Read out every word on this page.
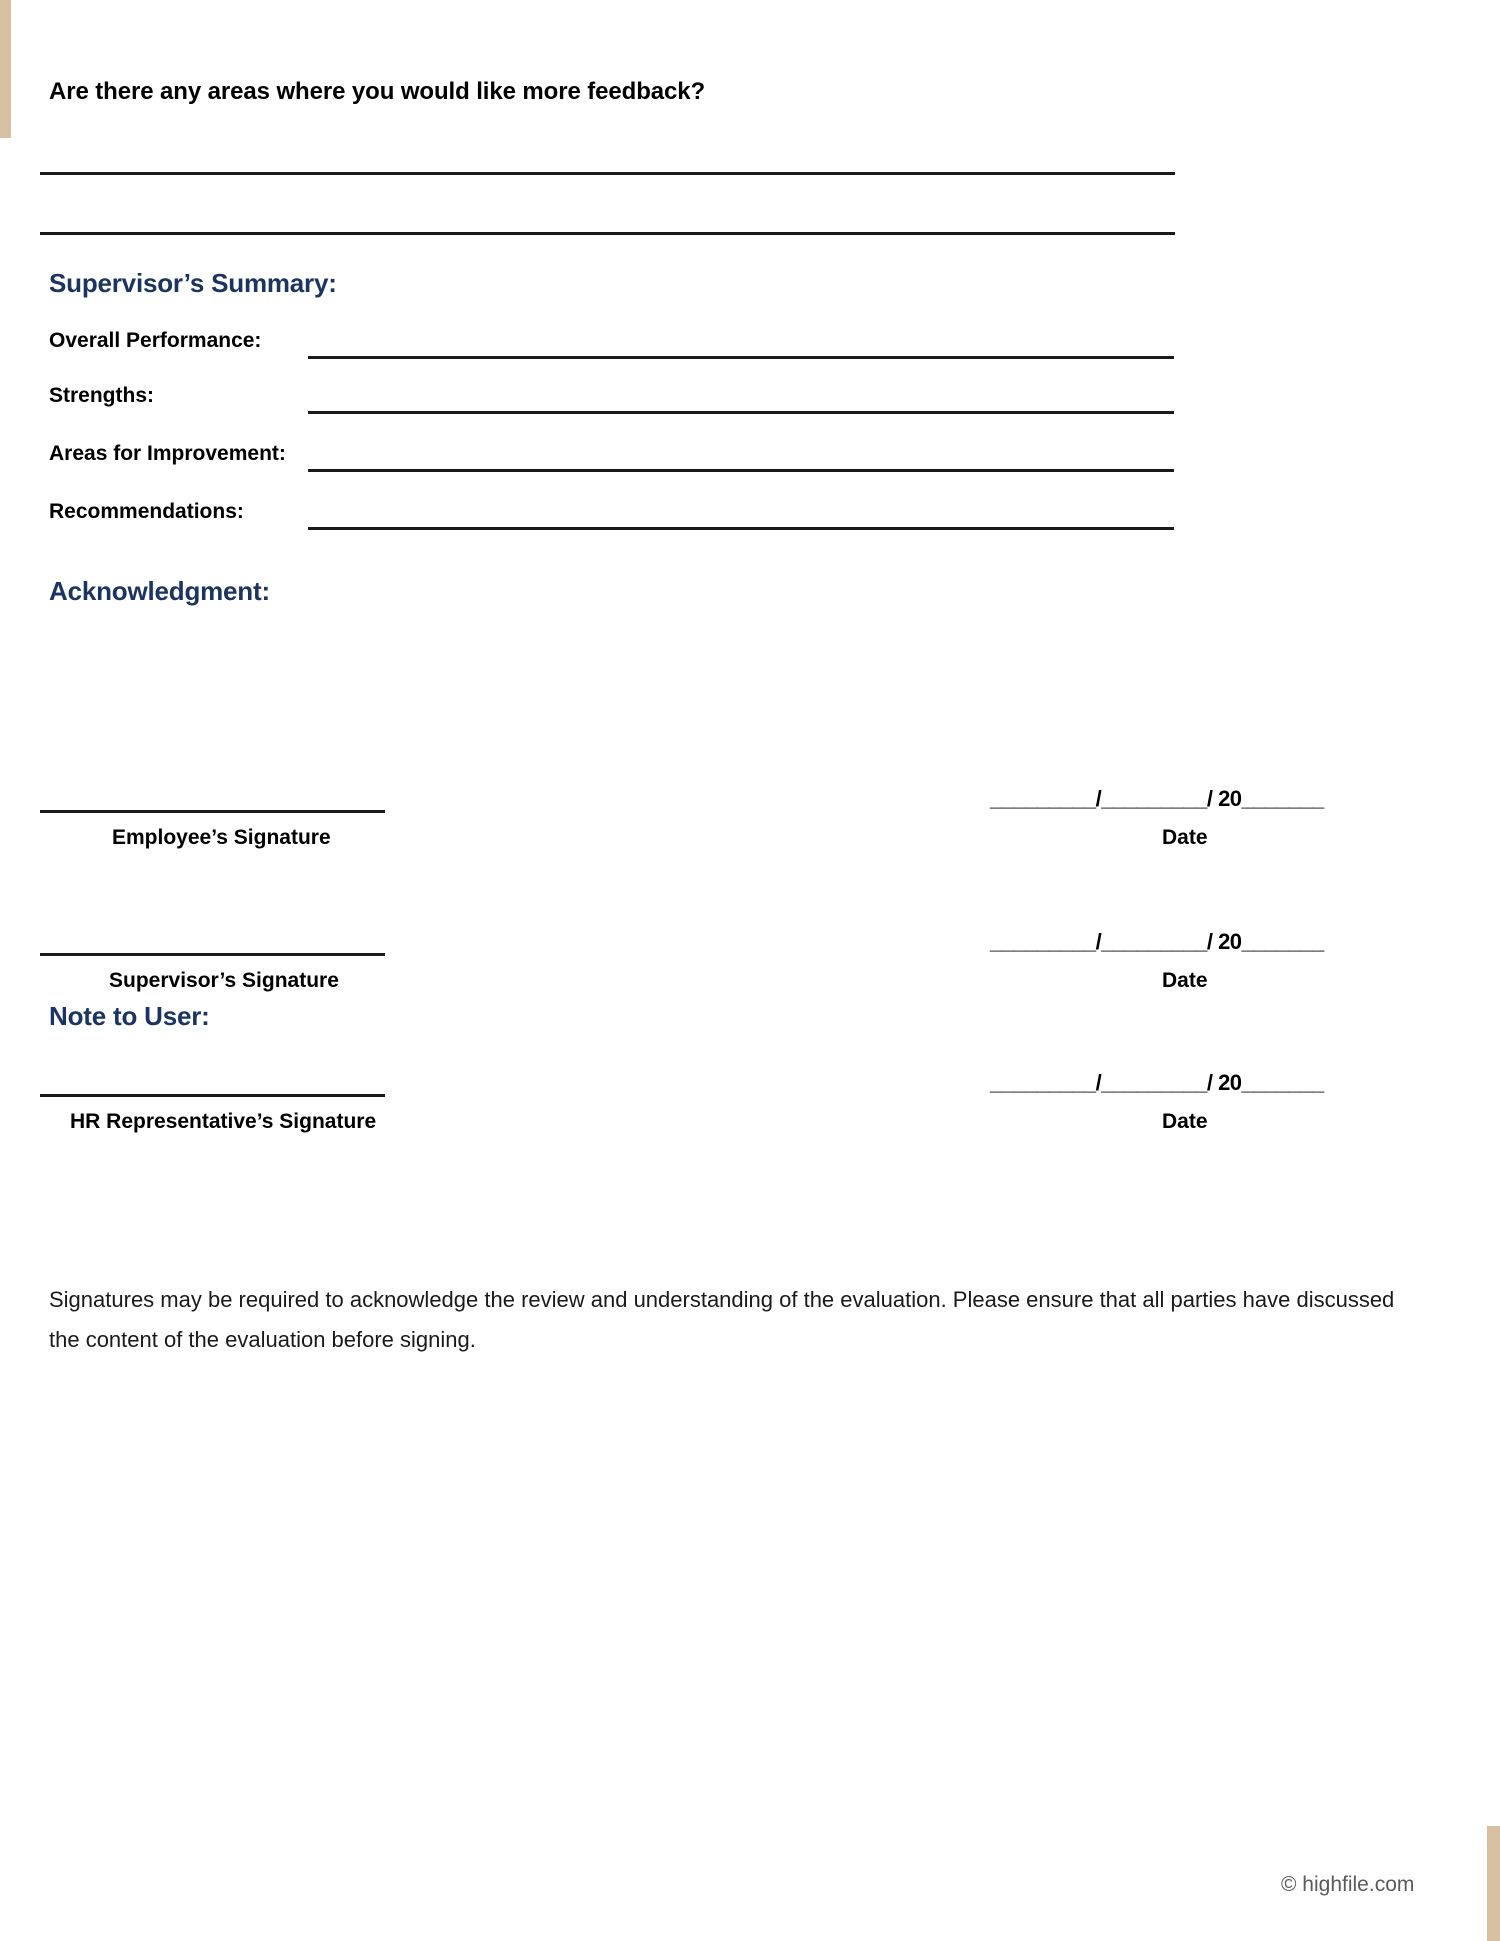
Are there any areas where you would like more feedback?
Supervisor’s Summary:
Overall Performance:
Strengths:
Areas for Improvement:
Recommendations:
Acknowledgment:
Employee’s Signature
_________/_________/ 20_______
Date
Supervisor’s Signature
_________/_________/ 20_______
Date
HR Representative’s Signature
_________/_________/ 20_______
Date
Note to User:
Signatures may be required to acknowledge the review and understanding of the evaluation. Please ensure that all parties have discussed the content of the evaluation before signing.
© highfile.com
